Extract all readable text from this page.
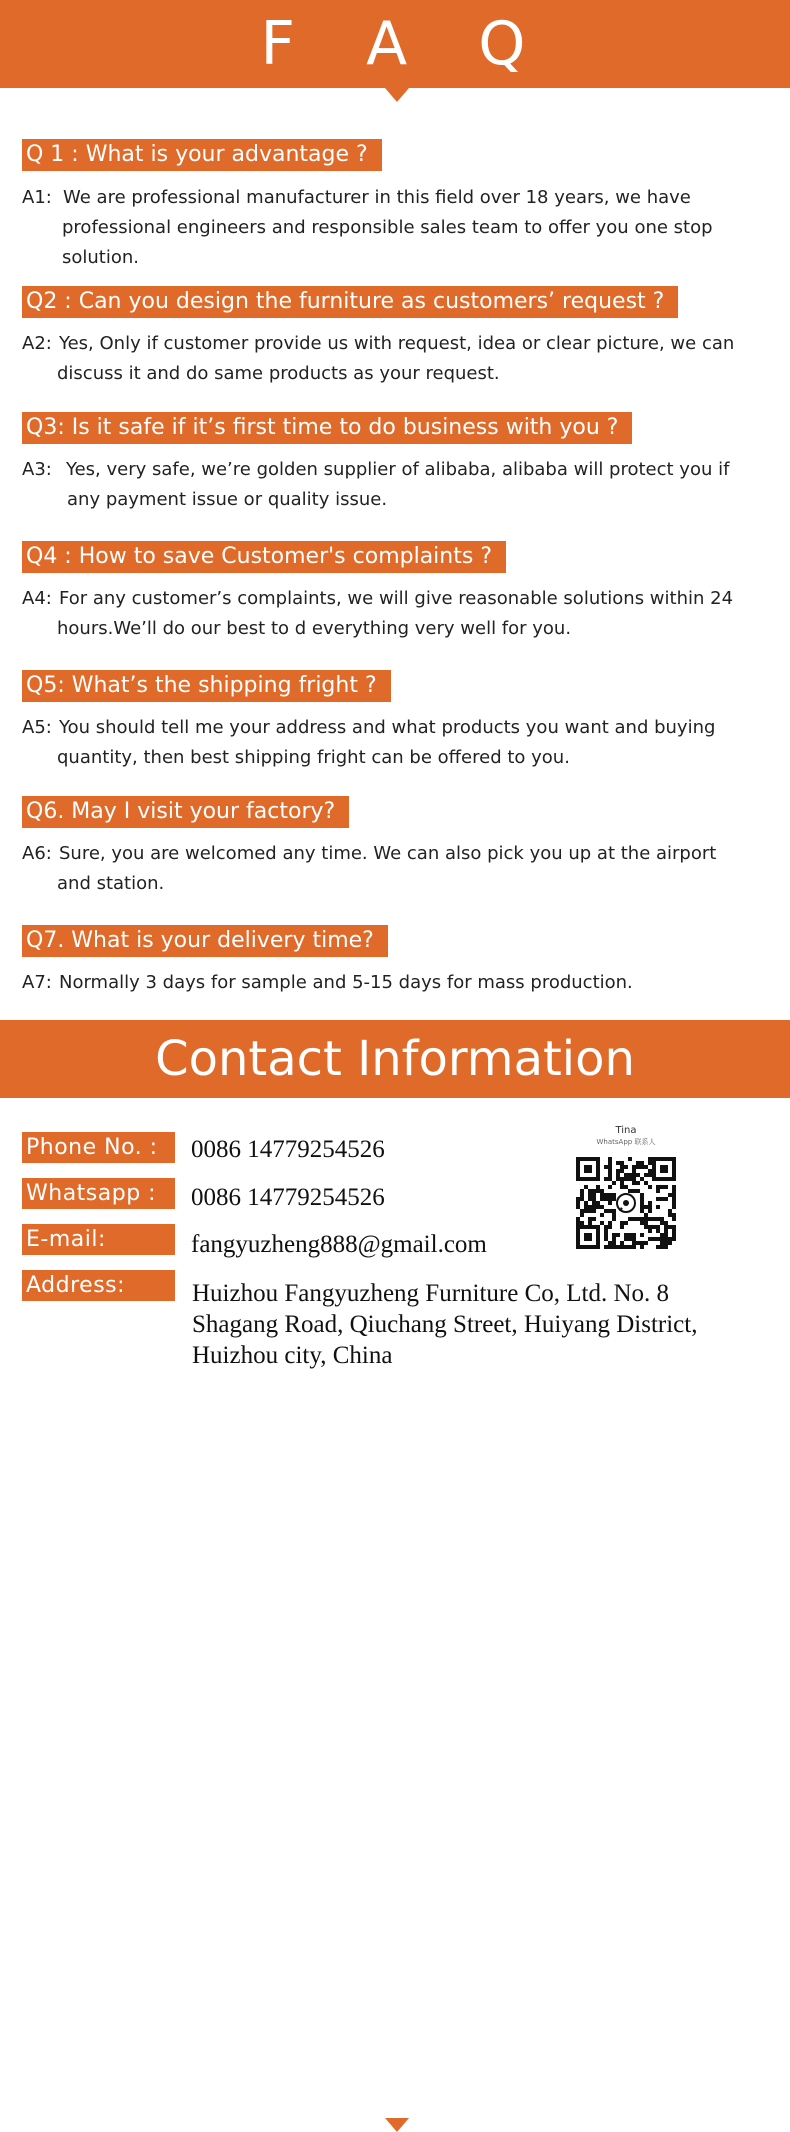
F A Q
Q 1 : What is your advantage ?
A1: We are professional manufacturer in this field over 18 years, we have
professional engineers and responsible sales team to offer you one stop
solution.
Q2 : Can you design the furniture as customers’ request ?
A2: Yes, Only if customer provide us with request, idea or clear picture, we can
discuss it and do same products as your request.
Q3: Is it safe if it’s first time to do business with you ?
A3: Yes, very safe, we’re golden supplier of alibaba, alibaba will protect you if
any payment issue or quality issue.
Q4 : How to save Customer's complaints ?
A4: For any customer’s complaints, we will give reasonable solutions within 24
hours.We’ll do our best to d everything very well for you.
Q5: What’s the shipping fright ?
A5: You should tell me your address and what products you want and buying
quantity, then best shipping fright can be offered to you.
Q6. May I visit your factory?
A6: Sure, you are welcomed any time. We can also pick you up at the airport
and station.
Q7. What is your delivery time?
A7: Normally 3 days for sample and 5-15 days for mass production.
Contact Information
Phone No. :	0086 14779254526
Whatsapp :	0086 14779254526
E-mail:	fangyuzheng888@gmail.com
Address:	Huizhou Fangyuzheng Furniture Co, Ltd. No. 8
Shagang Road, Qiuchang Street, Huiyang District,
Huizhou city, China
Tina
WhatsApp 联系人
